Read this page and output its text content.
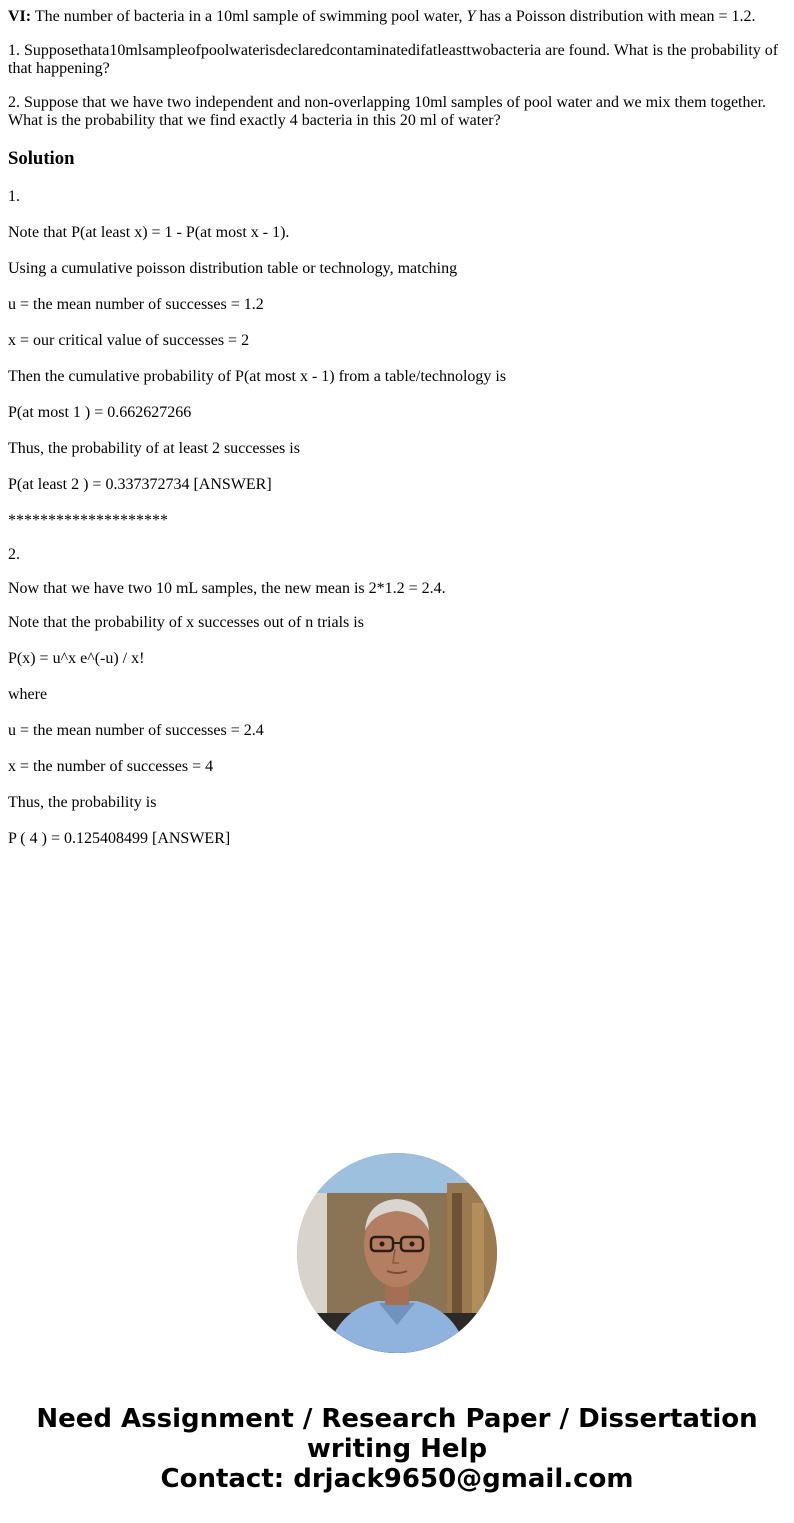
VI: The number of bacteria in a 10ml sample of swimming pool water, Y has a Poisson distribution with mean = 1.2.

1. Supposethata10mlsampleofpoolwaterisdeclaredcontaminatedifatleasttwobacteria are found. What is the probability of that happening?

2. Suppose that we have two independent and non-overlapping 10ml samples of pool water and we mix them together. What is the probability that we find exactly 4 bacteria in this 20 ml of water?

Solution

1.

Note that P(at least x) = 1 - P(at most x - 1).

Using a cumulative poisson distribution table or technology, matching

u = the mean number of successes = 1.2

x = our critical value of successes = 2

Then the cumulative probability of P(at most x - 1) from a table/technology is

P(at most 1 ) = 0.662627266

Thus, the probability of at least 2 successes is

P(at least 2 ) = 0.337372734 [ANSWER]

********************

2.

Now that we have two 10 mL samples, the new mean is 2*1.2 = 2.4.

Note that the probability of x successes out of n trials is

P(x) = u^x e^(-u) / x!

where

u = the mean number of successes = 2.4

x = the number of successes = 4

Thus, the probability is

P ( 4 ) = 0.125408499 [ANSWER]

Need Assignment / Research Paper / Dissertation
writing Help
Contact: drjack9650@gmail.com
